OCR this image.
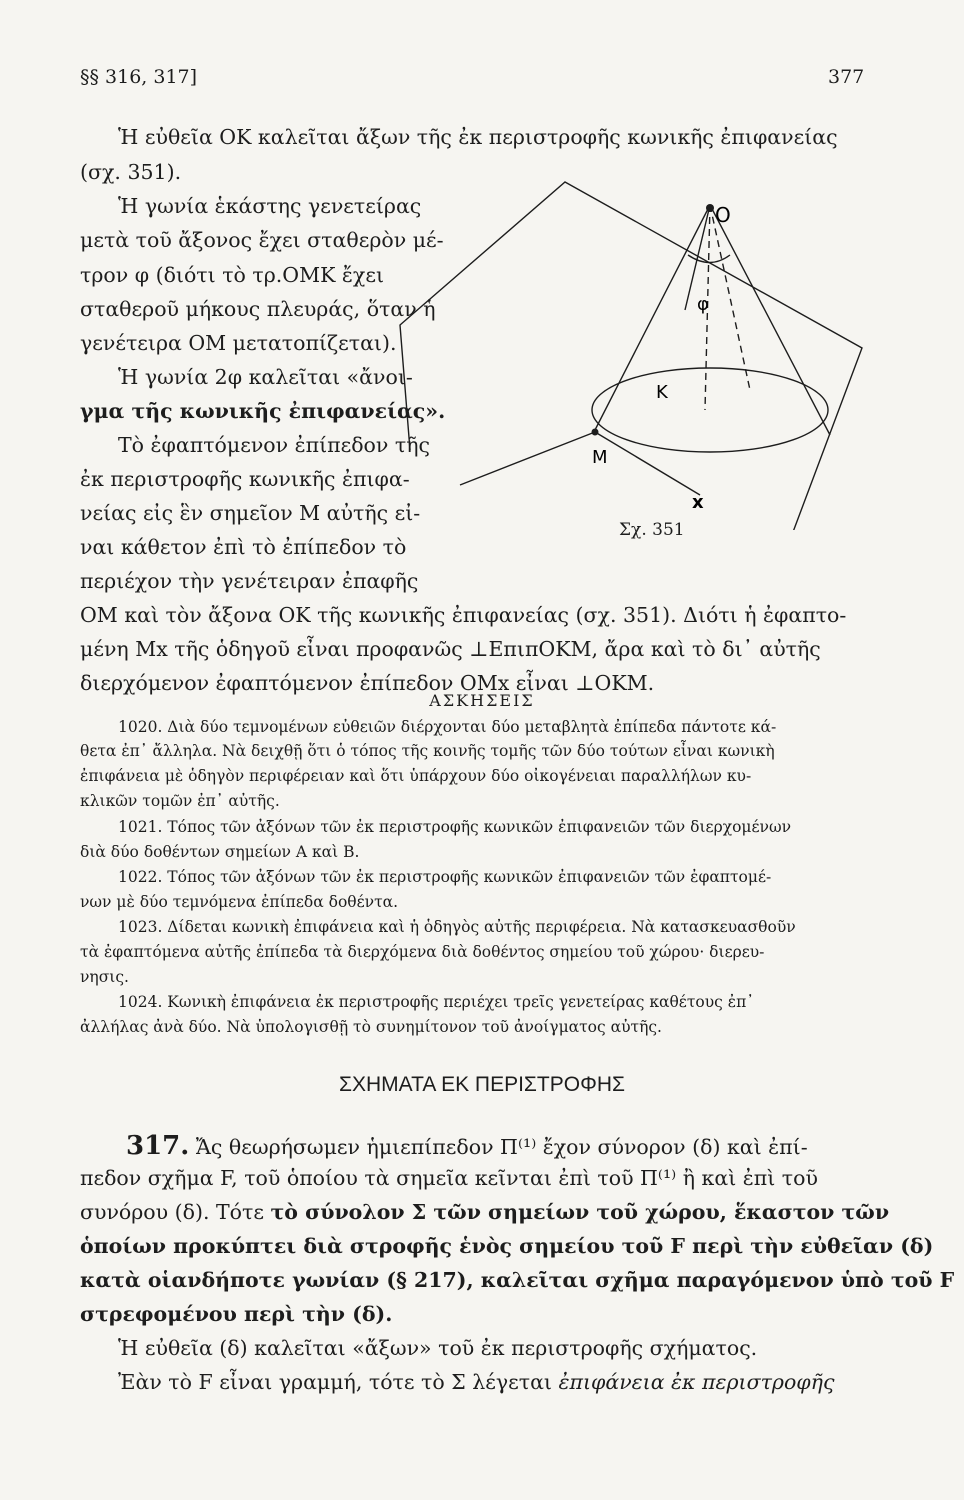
§§ 316, 317]	377
Ἡ εὐθεῖα ΟΚ καλεῖται ἄξων τῆς ἐκ περιστροφῆς κωνικῆς ἐπιφανείας
(σχ. 351).
Ἡ γωνία ἑκάστης γενετείρας
μετὰ τοῦ ἄξονος ἔχει σταθερὸν μέ-
τρον φ (διότι τὸ τρ.ΟΜΚ ἔχει
σταθεροῦ μήκους πλευράς, ὅταν ἡ
γενέτειρα ΟΜ μετατοπίζεται).
Ἡ γωνία 2φ καλεῖται «ἄνοι-
γμα τῆς κωνικῆς ἐπιφανείας».
Τὸ ἐφαπτόμενον ἐπίπεδον τῆς
ἐκ περιστροφῆς κωνικῆς ἐπιφα-
νείας εἰς ἓν σημεῖον Μ αὐτῆς εἰ-
ναι κάθετον ἐπὶ τὸ ἐπίπεδον τὸ
περιέχον τὴν γενέτειραν ἐπαφῆς
ΟΜ καὶ τὸν ἄξονα ΟΚ τῆς κωνικῆς ἐπιφανείας (σχ. 351). Διότι ἡ ἐφαπτο-
μένη Μx τῆς ὁδηγοῦ εἶναι προφανῶς ⊥ΕπιπΟΚΜ, ἄρα καὶ τὸ δι᾿ αὐτῆς
διερχόμενον ἐφαπτόμενον ἐπίπεδον ΟΜx εἶναι ⊥ΟΚΜ.
O
φ
K
M
x
Σχ. 351
ΑΣΚΗΣΕΙΣ
1020. Διὰ δύο τεμνομένων εὐθειῶν διέρχονται δύο μεταβλητὰ ἐπίπεδα πάντοτε κά-
θετα ἐπ᾿ ἄλληλα. Νὰ δειχθῇ ὅτι ὁ τόπος τῆς κοινῆς τομῆς τῶν δύο τούτων εἶναι κωνικὴ
ἐπιφάνεια μὲ ὁδηγὸν περιφέρειαν καὶ ὅτι ὑπάρχουν δύο οἰκογένειαι παραλλήλων κυ-
κλικῶν τομῶν ἐπ᾿ αὐτῆς.
1021. Τόπος τῶν ἀξόνων τῶν ἐκ περιστροφῆς κωνικῶν ἐπιφανειῶν τῶν διερχομένων
διὰ δύο δοθέντων σημείων Α καὶ Β.
1022. Τόπος τῶν ἀξόνων τῶν ἐκ περιστροφῆς κωνικῶν ἐπιφανειῶν τῶν ἐφαπτομέ-
νων μὲ δύο τεμνόμενα ἐπίπεδα δοθέντα.
1023. Δίδεται κωνικὴ ἐπιφάνεια καὶ ἡ ὁδηγὸς αὐτῆς περιφέρεια. Νὰ κατασκευασθοῦν
τὰ ἐφαπτόμενα αὐτῆς ἐπίπεδα τὰ διερχόμενα διὰ δοθέντος σημείου τοῦ χώρου· διερευ-
νησις.
1024. Κωνικὴ ἐπιφάνεια ἐκ περιστροφῆς περιέχει τρεῖς γενετείρας καθέτους ἐπ᾿
ἀλλήλας ἀνὰ δύο. Νὰ ὑπολογισθῇ τὸ συνημίτονον τοῦ ἀνοίγματος αὐτῆς.
ΣΧΗΜΑΤΑ ΕΚ ΠΕΡΙΣΤΡΟΦΗΣ
317. Ἄς θεωρήσωμεν ἡμιεπίπεδον Π⁽¹⁾ ἔχον σύνορον (δ) καὶ ἐπί-
πεδον σχῆμα F, τοῦ ὁποίου τὰ σημεῖα κεῖνται ἐπὶ τοῦ Π⁽¹⁾ ἢ καὶ ἐπὶ τοῦ
συνόρου (δ). Τότε τὸ σύνολον Σ τῶν σημείων τοῦ χώρου, ἕκαστον τῶν
ὁποίων προκύπτει διὰ στροφῆς ἑνὸς σημείου τοῦ F περὶ τὴν εὐθεῖαν (δ)
κατὰ οἱανδήποτε γωνίαν (§ 217), καλεῖται σχῆμα παραγόμενον ὑπὸ τοῦ F
στρεφομένου περὶ τὴν (δ).
Ἡ εὐθεῖα (δ) καλεῖται «ἄξων» τοῦ ἐκ περιστροφῆς σχήματος.
Ἐὰν τὸ F εἶναι γραμμή, τότε τὸ Σ λέγεται ἐπιφάνεια ἐκ περιστροφῆς
